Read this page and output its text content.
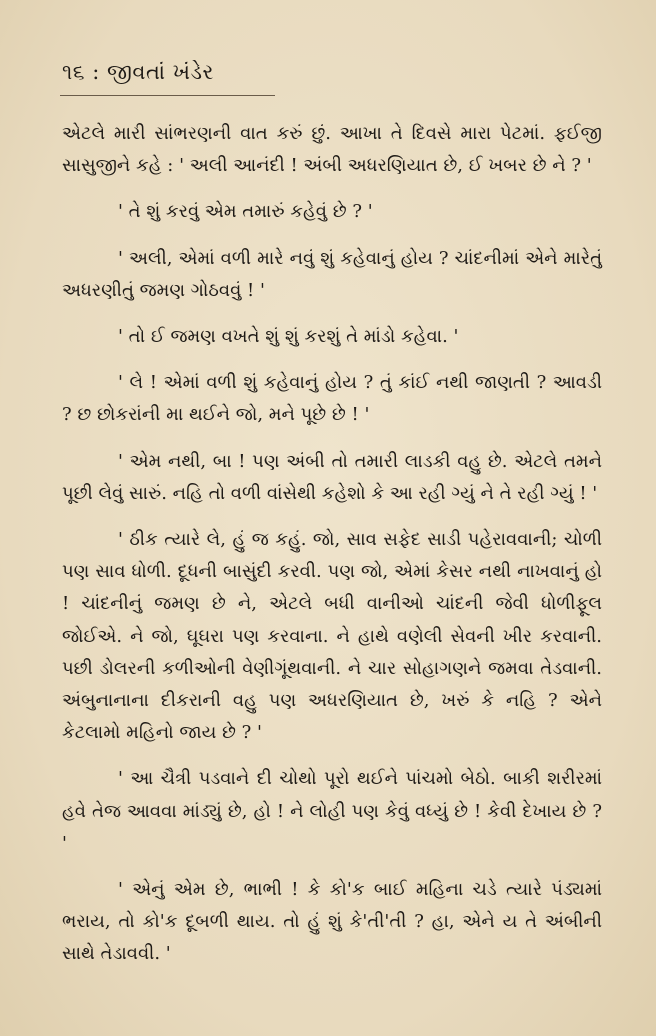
૧૬ : જીવતાં ખંડેર

એટલે મારી સાંભરણની વાત કરું છું. આખા તે દિવસે મારા પેટમાં. ફઈજી સાસુજીને કહે : ' અલી આનંદી ! અંબી અધરણિયાત છે, ઈ ખબર છે ને ? '

' તે શું કરવું એમ તમારું કહેવું છે ? '

' અલી, એમાં વળી મારે નવું શું કહેવાનું હોય ? ચાંદનીમાં એને મારેતું અધરણીતું જમણ ગોઠવવું ! '

' તો ઈ જમણ વખતે શું શું કરશું તે માંડો કહેવા. '

' લે ! એમાં વળી શું કહેવાનું હોય ? તું કાંઈ નથી જાણતી ? આવડી ? છ છોકરાંની મા થઈને જો, મને પૂછે છે ! '

' એમ નથી, બા ! પણ અંબી તો તમારી લાડકી વહુ છે. એટલે તમને પૂછી લેવું સારું. નહિ તો વળી વાંસેથી કહેશો કે આ રહી ગ્યું ને તે રહી ગ્યું ! '

' ઠીક ત્યારે લે, હું જ કહું. જો, સાવ સફેદ સાડી પહેરાવવાની; ચોળી પણ સાવ ધોળી. દૂધની બાસુંદી કરવી. પણ જો, એમાં કેસર નથી નાખવાનું હો ! ચાંદનીનું જમણ છે ને, એટલે બધી વાનીઓ ચાંદની જેવી ધોળીફૂલ જોઈએ. ને જો, ઘૂઘરા પણ કરવાના. ને હાથે વણેલી સેવની ખીર કરવાની. પછી ડોલરની કળીઓની વેણીગૂંથવાની. ને ચાર સોહાગણને જમવા તેડવાની. અંબુનાનાના દીકરાની વહુ પણ અધરણિયાત છે, ખરું કે નહિ ? એને કેટલામો મહિનો જાય છે ? '

' આ ચૈત્રી પડવાને દી ચોથો પૂરો થઈને પાંચમો બેઠો. બાકી શરીરમાં હવે તેજ આવવા માંડ્યું છે, હો ! ને લોહી પણ કેવું વધ્યું છે ! કેવી દેખાય છે ? '

' એનું એમ છે, ભાભી ! કે કો'ક બાઈ મહિના ચડે ત્યારે પંડ્યમાં ભરાય, તો કો'ક દૂબળી થાય. તો હું શું કે'તી'તી ? હા, એને ય તે અંબીની સાથે તેડાવવી. '
